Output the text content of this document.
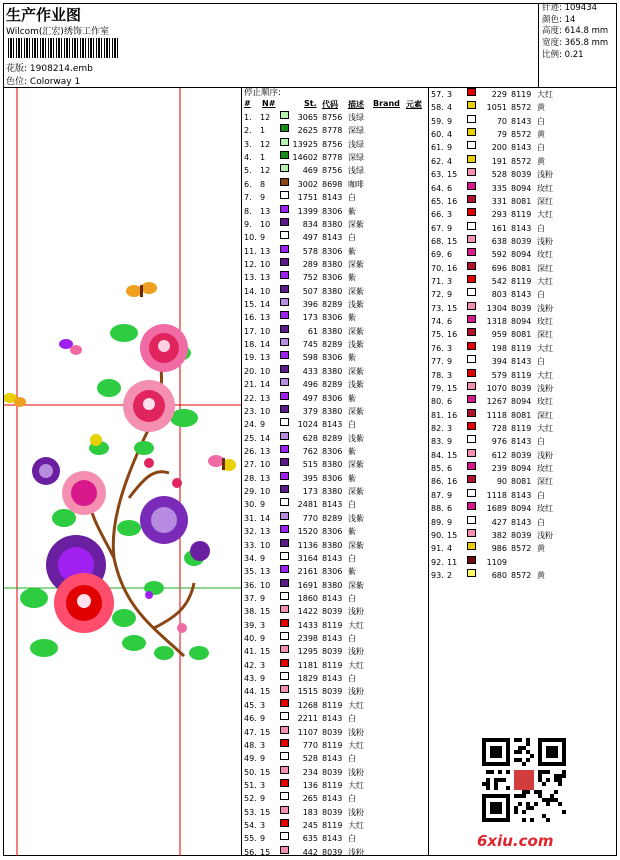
生产作业图
Wilcom(汇宏)绣饰工作室
花版: 1908214.emb
色位: Colorway 1
针迹: 109434
颜色: 14
高度: 614.8 mm
宽度: 365.8 mm
比例: 0.21
停止顺序:
# N#	St. 代码 描述 Brand 元素
1. 12	3065 8756 浅绿
2. 1	2625 8778 深绿
3. 12	13925 8756 浅绿
4. 1	14602 8778 深绿
5. 12	469 8756 浅绿
6. 8	3002 8698 咖啡
7. 9	1751 8143 白
8. 13	1399 8306 紫
9. 10	834 8380 深紫
10. 9	497 8143 白
11. 13	578 8306 紫
12. 10	289 8380 深紫
13. 13	752 8306 紫
14. 10	507 8380 深紫
15. 14	396 8289 浅紫
16. 13	173 8306 紫
17. 10	61 8380 深紫
18. 14	745 8289 浅紫
19. 13	598 8306 紫
20. 10	433 8380 深紫
21. 14	496 8289 浅紫
22. 13	497 8306 紫
23. 10	379 8380 深紫
24. 9	1024 8143 白
25. 14	628 8289 浅紫
26. 13	762 8306 紫
27. 10	515 8380 深紫
28. 13	395 8306 紫
29. 10	173 8380 深紫
30. 9	2481 8143 白
31. 14	770 8289 浅紫
32. 13	1520 8306 紫
33. 10	1136 8380 深紫
34. 9	3164 8143 白
35. 13	2161 8306 紫
36. 10	1691 8380 深紫
37. 9	1860 8143 白
38. 15	1422 8039 浅粉
39. 3	1433 8119 大红
40. 9	2398 8143 白
41. 15	1295 8039 浅粉
42. 3	1181 8119 大红
43. 9	1829 8143 白
44. 15	1515 8039 浅粉
45. 3	1268 8119 大红
46. 9	2211 8143 白
47. 15	1107 8039 浅粉
48. 3	770 8119 大红
49. 9	528 8143 白
50. 15	234 8039 浅粉
51. 3	136 8119 大红
52. 9	265 8143 白
53. 15	183 8039 浅粉
54. 3	245 8119 大红
55. 9	635 8143 白
56. 15	442 8039 浅粉
57. 3	229 8119 大红
58. 4	1051 8572 黄
59. 9	70 8143 白
60. 4	79 8572 黄
61. 9	200 8143 白
62. 4	191 8572 黄
63. 15	528 8039 浅粉
64. 6	335 8094 玫红
65. 16	331 8081 深红
66. 3	293 8119 大红
67. 9	161 8143 白
68. 15	638 8039 浅粉
69. 6	592 8094 玫红
70. 16	696 8081 深红
71. 3	542 8119 大红
72. 9	803 8143 白
73. 15	1304 8039 浅粉
74. 6	1318 8094 玫红
75. 16	959 8081 深红
76. 3	198 8119 大红
77. 9	394 8143 白
78. 3	579 8119 大红
79. 15	1070 8039 浅粉
80. 6	1267 8094 玫红
81. 16	1118 8081 深红
82. 3	728 8119 大红
83. 9	976 8143 白
84. 15	612 8039 浅粉
85. 6	239 8094 玫红
86. 16	90 8081 深红
87. 9	1118 8143 白
88. 6	1689 8094 玫红
89. 9	427 8143 白
90. 15	382 8039 浅粉
91. 4	986 8572 黄
92. 11	1109
93. 2	680 8572 黄
6xiu.com
